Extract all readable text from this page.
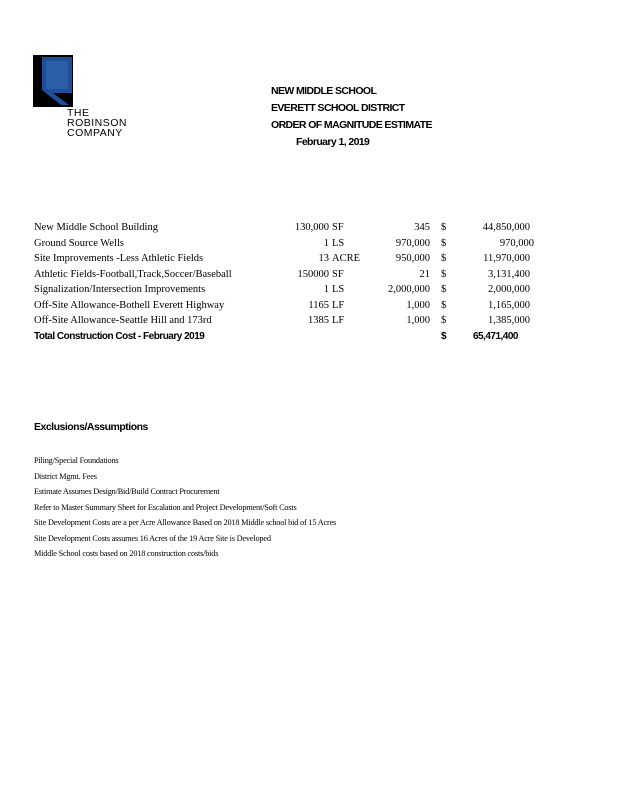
THE
ROBINSON
COMPANY
NEW MIDDLE SCHOOL
EVERETT SCHOOL DISTRICT
ORDER OF MAGNITUDE ESTIMATE
February 1, 2019
New Middle School Building	130,000 SF	345 $	44,850,000
Ground Source Wells	1 LS	970,000 $	970,000
Site Improvements -Less Athletic Fields	13 ACRE	950,000 $	11,970,000
Athletic Fields-Football,Track,Soccer/Baseball	150000 SF	21 $	3,131,400
Signalization/Intersection Improvements	1 LS	2,000,000 $	2,000,000
Off-Site Allowance-Bothell Everett Highway	1165 LF	1,000 $	1,165,000
Off-Site Allowance-Seattle Hill and 173rd	1385 LF	1,000 $	1,385,000
Total Construction Cost - February 2019	$	65,471,400
Exclusions/Assumptions
Piling/Special Foundations
District Mgmt. Fees
Estimate Assumes Design/Bid/Build Contract Procurement
Refer to Master Summary Sheet for Escalation and Project Development/Soft Costs
Site Development Costs are a per Acre Allowance Based on 2018 Middle school bid of 15 Acres
Site Development Costs assumes 16 Acres of the 19 Acre Site is Developed
Middle School costs based on 2018 construction costs/bids
